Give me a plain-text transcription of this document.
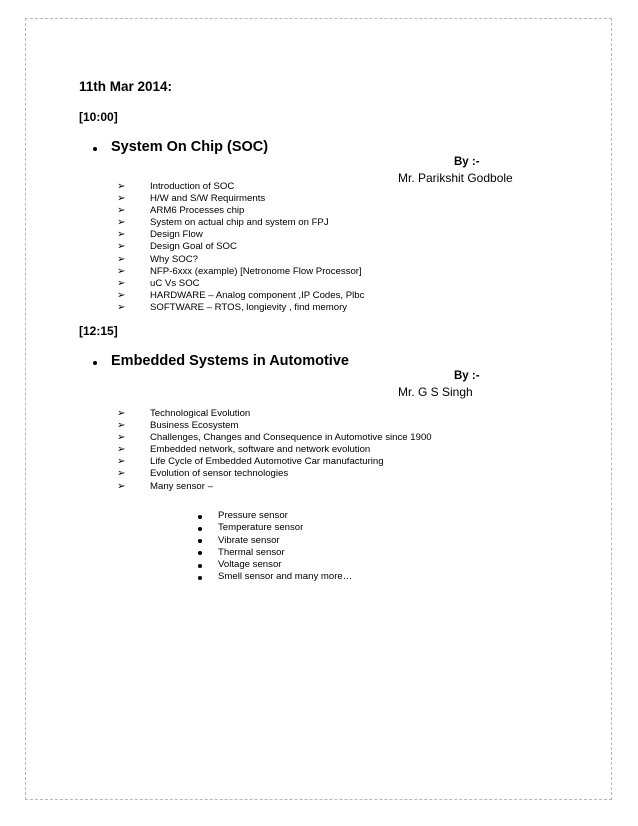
11th Mar 2014:
[10:00]
System On Chip (SOC)
By :-
Mr. Parikshit Godbole
➢	Introduction of SOC
➢	H/W and S/W Requirments
➢	ARM6 Processes chip
➢	System on actual chip and system on FPJ
➢	Design Flow
➢	Design Goal of SOC
➢	Why SOC?
➢	NFP-6xxx (example) [Netronome Flow Processor]
➢	uC Vs SOC
➢	HARDWARE – Analog component ,IP Codes, Plbc
➢	SOFTWARE – RTOS, longievity , find memory
[12:15]
Embedded Systems in Automotive
By :-
Mr. G S Singh
➢	Technological Evolution
➢	Business Ecosystem
➢	Challenges, Changes and Consequence in Automotive since 1900
➢	Embedded network, software and network evolution
➢	Life Cycle of Embedded Automotive Car manufacturing
➢	Evolution of sensor technologies
➢	Many sensor –
Pressure sensor
Temperature sensor
Vibrate sensor
Thermal sensor
Voltage sensor
Smell sensor and many more…
